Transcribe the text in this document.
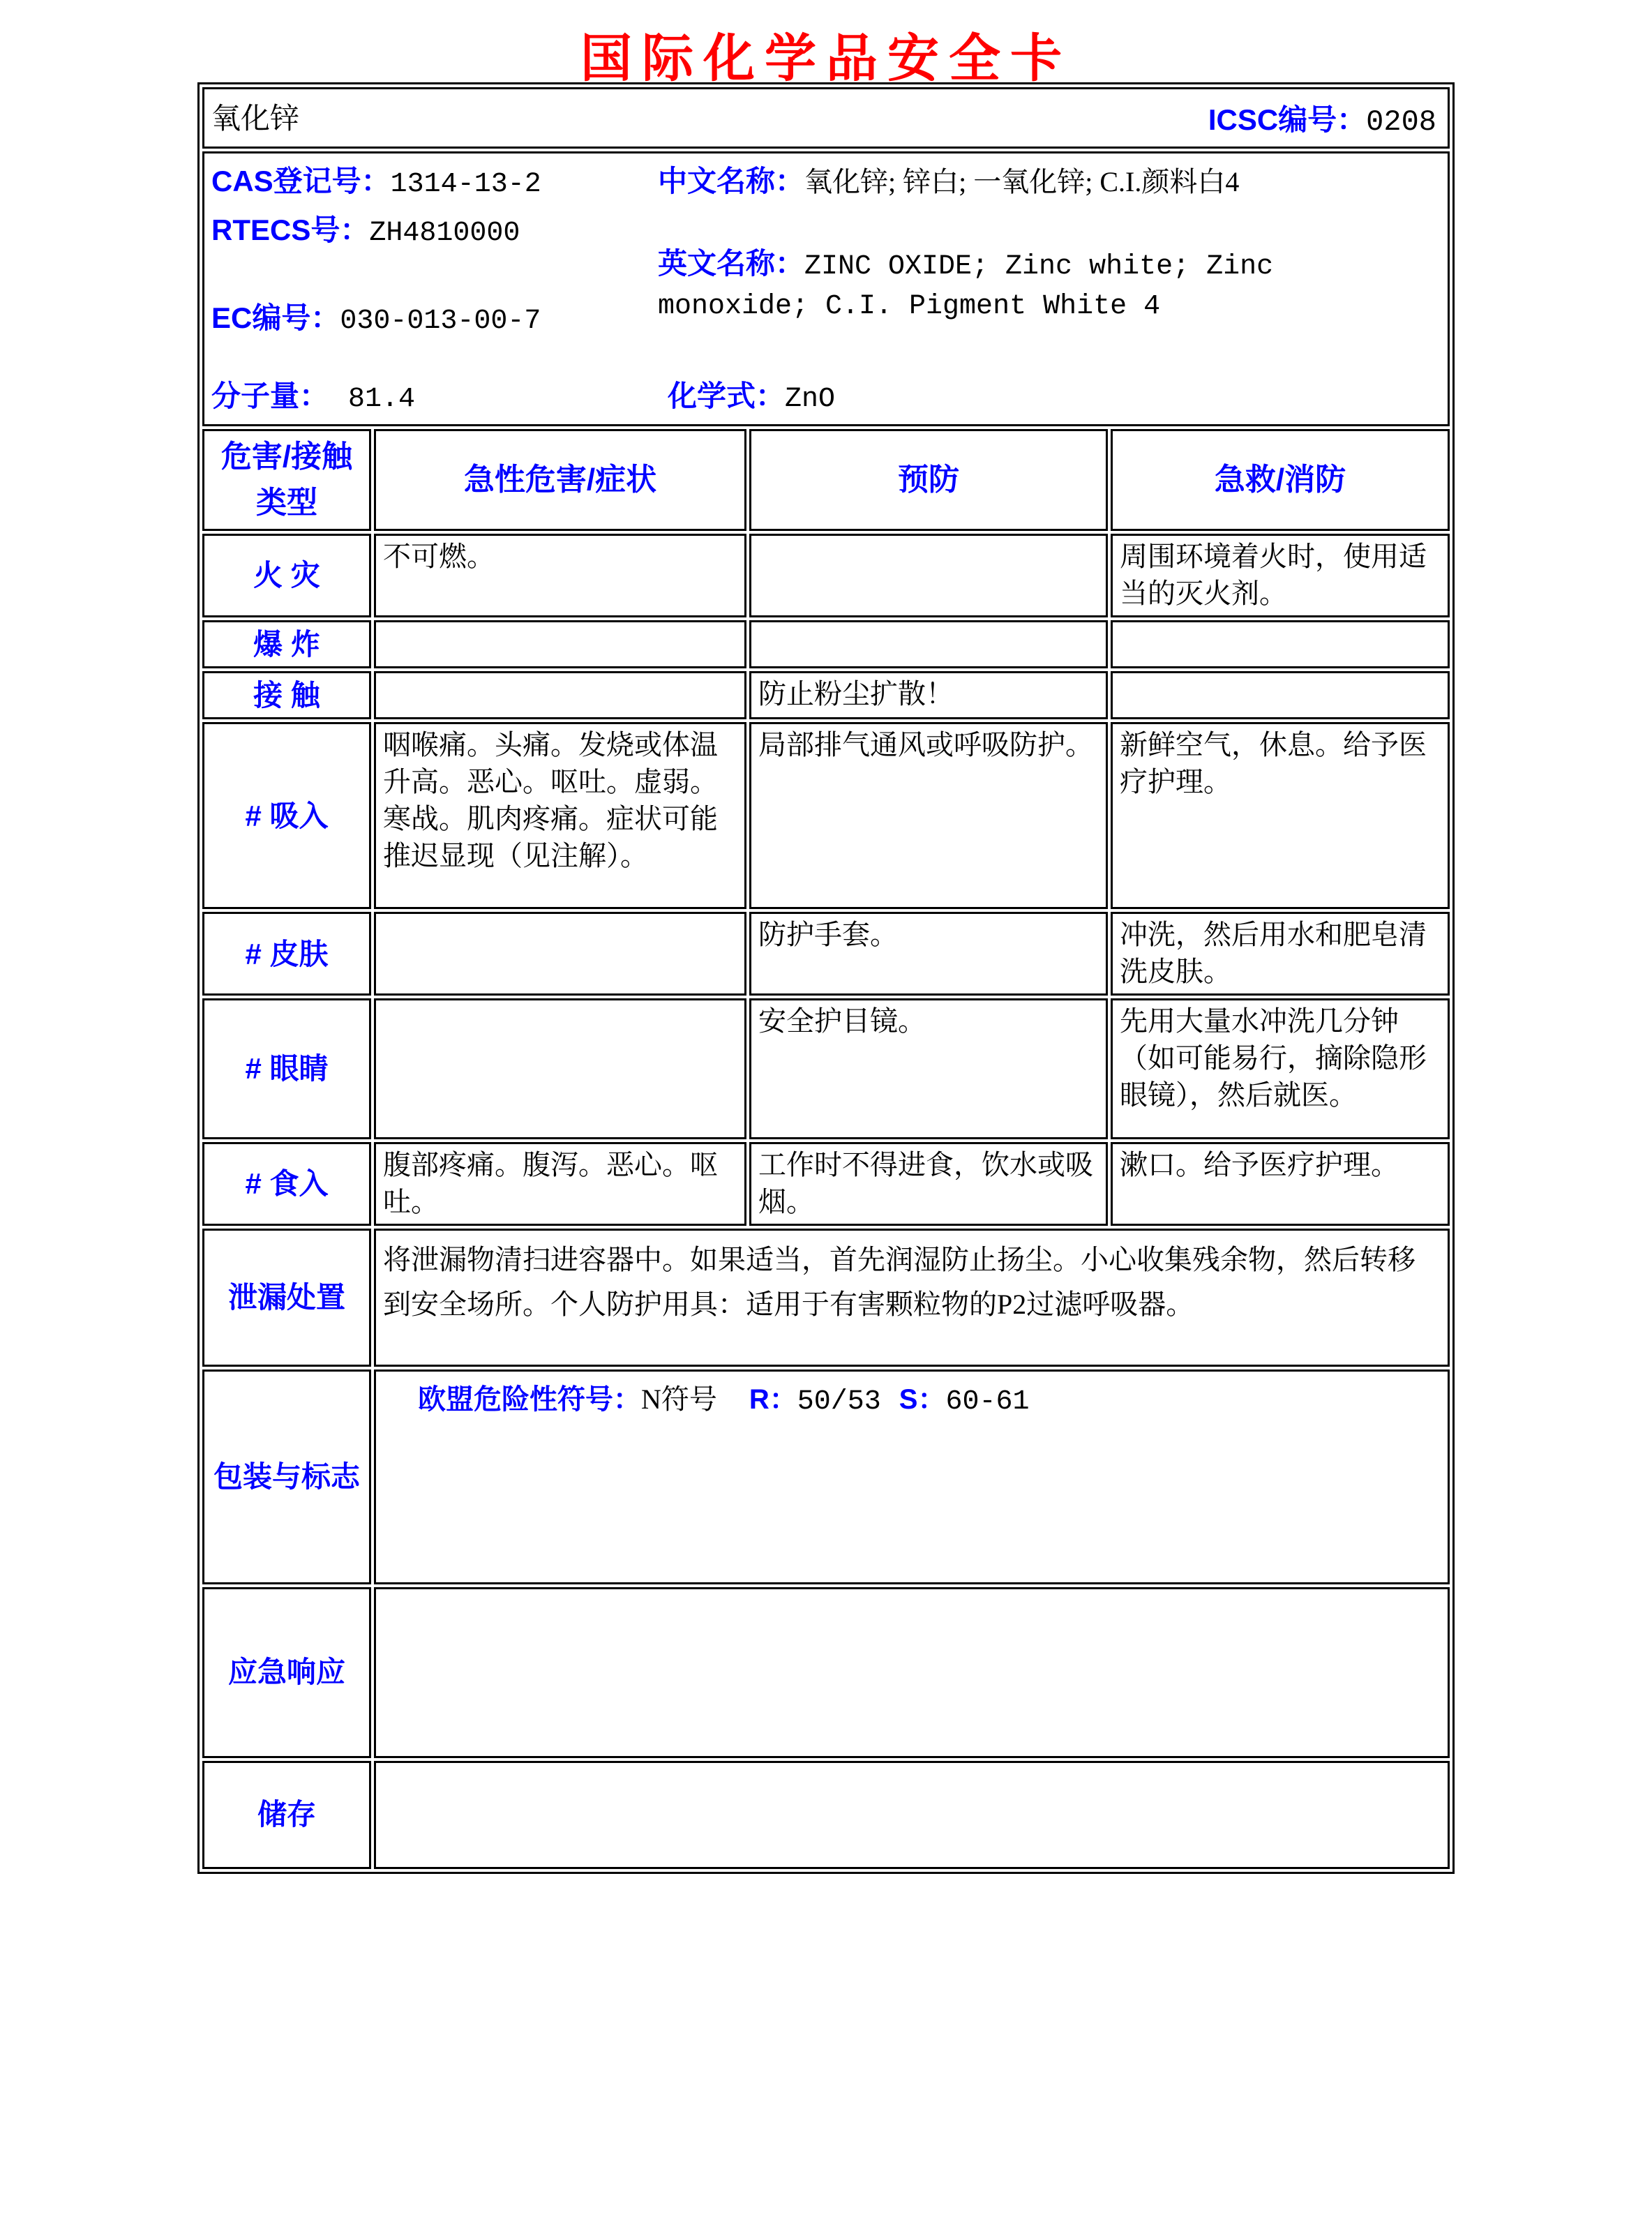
国际化学品安全卡
氧化锌 ICSC编号：0208			

CAS登记号：1314-13-2
RTECS号：ZH4810000
EC编号：030-013-00-7
中文名称：氧化锌; 锌白; 一氧化锌; C.I.颜料白4
英文名称：ZINC OXIDE; Zinc white; Zinc monoxide; C.I. Pigment White 4
分子量： 81.4	化学式：ZnO

危害/接触类型	急性危害/症状	预防	急救/消防
火 灾	不可燃。		周围环境着火时，使用适当的灭火剂。
爆 炸			
接 触		防止粉尘扩散！	
# 吸入	咽喉痛。头痛。发烧或体温升高。恶心。呕吐。虚弱。寒战。肌肉疼痛。症状可能推迟显现（见注解）。	局部排气通风或呼吸防护。	新鲜空气，休息。给予医疗护理。
# 皮肤		防护手套。	冲洗，然后用水和肥皂清洗皮肤。
# 眼睛		安全护目镜。	先用大量水冲洗几分钟（如可能易行，摘除隐形眼镜），然后就医。
# 食入	腹部疼痛。腹泻。恶心。呕吐。	工作时不得进食，饮水或吸烟。	漱口。给予医疗护理。
泄漏处置	将泄漏物清扫进容器中。如果适当，首先润湿防止扬尘。小心收集残余物，然后转移到安全场所。个人防护用具：适用于有害颗粒物的P2过滤呼吸器。		
包装与标志	欧盟危险性符号：N符号 R：50/53 S：60-61		

应急响应			
储存			
